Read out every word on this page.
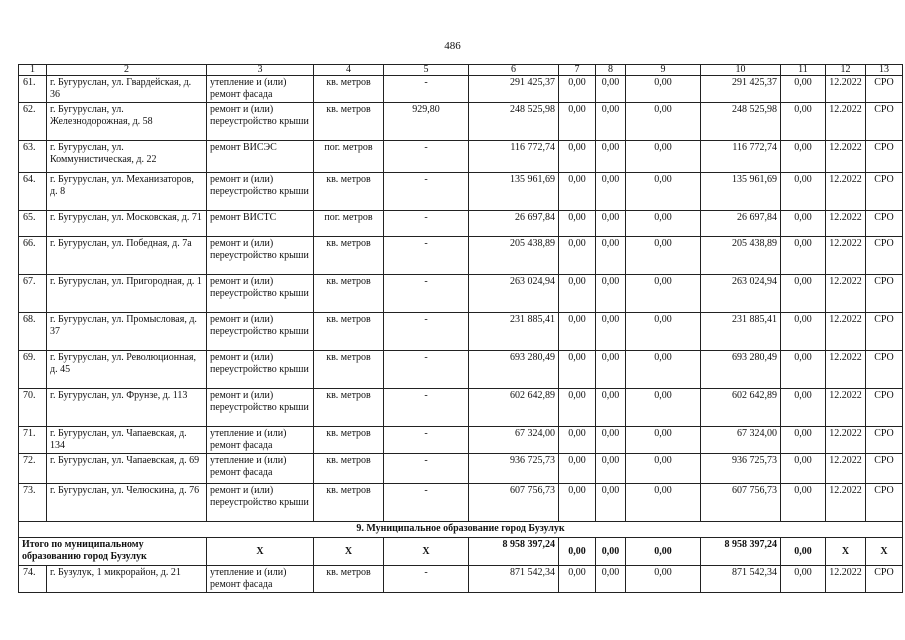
486
1	2	3	4	5	6	7	8	9	10	11	12	13
61.	г. Бугуруслан, ул. Гвардейская, д. 36	утепление и (или) ремонт фасада	кв. метров	-	291 425,37	0,00	0,00	0,00	291 425,37	0,00	12.2022	СРО
62.	г. Бугуруслан, ул. Железнодорожная, д. 58	ремонт и (или) переустройство крыши	кв. метров	929,80	248 525,98	0,00	0,00	0,00	248 525,98	0,00	12.2022	СРО
63.	г. Бугуруслан, ул. Коммунистическая, д. 22	ремонт ВИСЭС	пог. метров	-	116 772,74	0,00	0,00	0,00	116 772,74	0,00	12.2022	СРО
64.	г. Бугуруслан, ул. Механизаторов, д. 8	ремонт и (или) переустройство крыши	кв. метров	-	135 961,69	0,00	0,00	0,00	135 961,69	0,00	12.2022	СРО
65.	г. Бугуруслан, ул. Московская, д. 71	ремонт ВИСТС	пог. метров	-	26 697,84	0,00	0,00	0,00	26 697,84	0,00	12.2022	СРО
66.	г. Бугуруслан, ул. Победная, д. 7а	ремонт и (или) переустройство крыши	кв. метров	-	205 438,89	0,00	0,00	0,00	205 438,89	0,00	12.2022	СРО
67.	г. Бугуруслан, ул. Пригородная, д. 1	ремонт и (или) переустройство крыши	кв. метров	-	263 024,94	0,00	0,00	0,00	263 024,94	0,00	12.2022	СРО
68.	г. Бугуруслан, ул. Промысловая, д. 37	ремонт и (или) переустройство крыши	кв. метров	-	231 885,41	0,00	0,00	0,00	231 885,41	0,00	12.2022	СРО
69.	г. Бугуруслан, ул. Революционная, д. 45	ремонт и (или) переустройство крыши	кв. метров	-	693 280,49	0,00	0,00	0,00	693 280,49	0,00	12.2022	СРО
70.	г. Бугуруслан, ул. Фрунзе, д. 113	ремонт и (или) переустройство крыши	кв. метров	-	602 642,89	0,00	0,00	0,00	602 642,89	0,00	12.2022	СРО
71.	г. Бугуруслан, ул. Чапаевская, д. 134	утепление и (или) ремонт фасада	кв. метров	-	67 324,00	0,00	0,00	0,00	67 324,00	0,00	12.2022	СРО
72.	г. Бугуруслан, ул. Чапаевская, д. 69	утепление и (или) ремонт фасада	кв. метров	-	936 725,73	0,00	0,00	0,00	936 725,73	0,00	12.2022	СРО
73.	г. Бугуруслан, ул. Челюскина, д. 76	ремонт и (или) переустройство крыши	кв. метров	-	607 756,73	0,00	0,00	0,00	607 756,73	0,00	12.2022	СРО
9. Муниципальное образование город Бузулук												
Итого по муниципальному образованию город Бузулук		Х	Х	Х	8 958 397,24	0,00	0,00	0,00	8 958 397,24	0,00	Х	Х
74.	г. Бузулук, 1 микрорайон, д. 21	утепление и (или) ремонт фасада	кв. метров	-	871 542,34	0,00	0,00	0,00	871 542,34	0,00	12.2022	СРО
